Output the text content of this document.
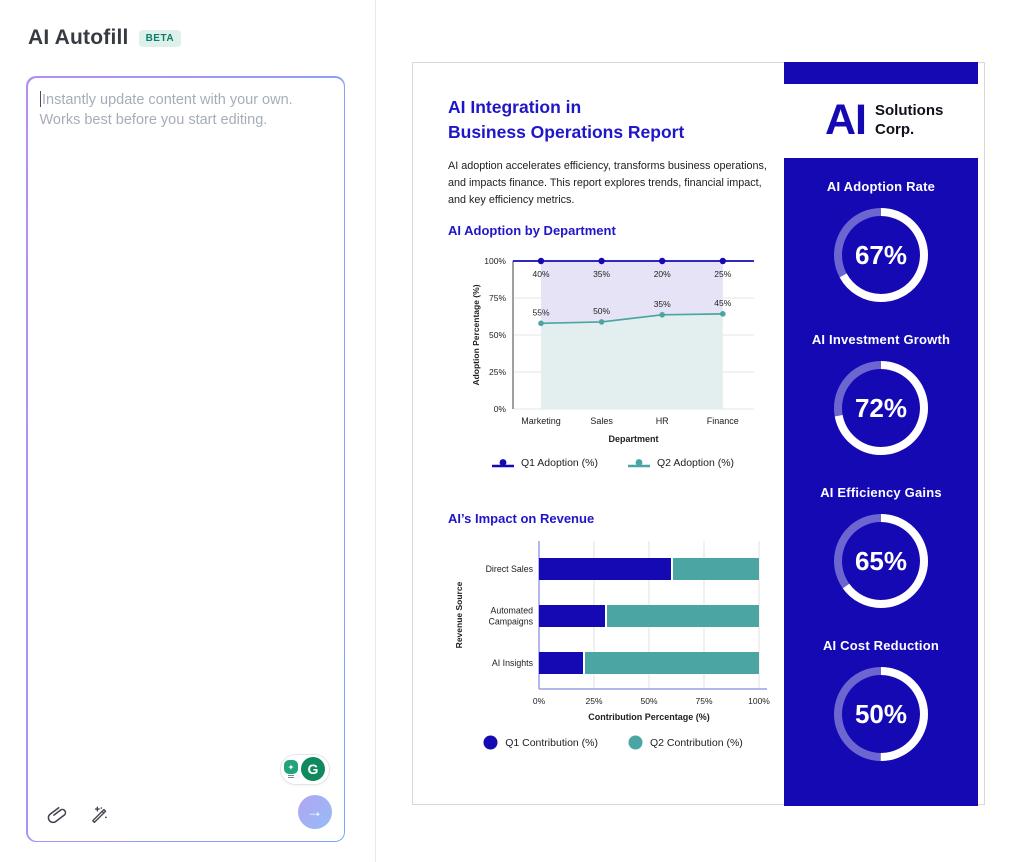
AI Autofill	BETA
Instantly update content with your own.
Works best before you start editing.
✦ G
→
AI Solutions
Corp.
AI Integration in
Business Operations Report
AI adoption accelerates efficiency, transforms business operations, and impacts finance. This report explores trends, financial impact, and key efficiency metrics.
AI Adoption by Department
0%
25%
50%
75%
100%
Adoption Percentage (%)
40%
55%
Marketing
35%
50%
Sales
20%
35%
HR
25%
45%
Finance
Department
Q1 Adoption (%)	Q2 Adoption (%)
AI’s Impact on Revenue
0%	25%	50%	75%	100%
Direct Sales
Automated
Campaigns
AI Insights
Revenue Source
Contribution Percentage (%)
Q1 Contribution (%)	Q2 Contribution (%)
AI Adoption Rate
67%
AI Investment Growth
72%
AI Efficiency Gains
65%
AI Cost Reduction
50%
